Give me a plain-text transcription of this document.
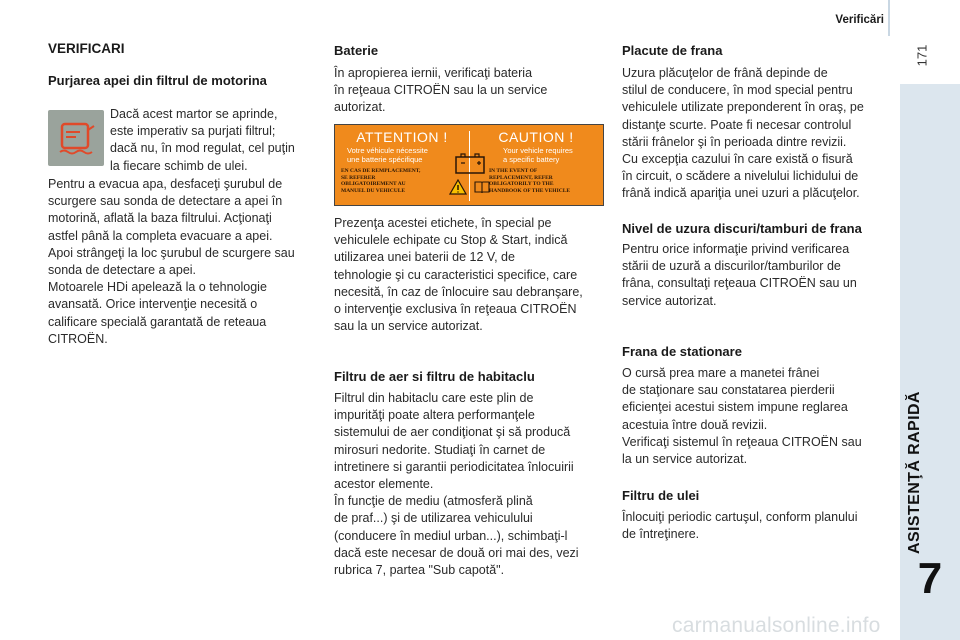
Verificări
171
ASISTENŢĂ RAPIDĂ
7
VERIFICARI
Purjarea apei din filtrul de motorina

Dacă acest martor se aprinde,
este imperativ sa purjati filtrul;
dacă nu, în mod regulat, cel puţin
la fiecare schimb de ulei.

Pentru a evacua apa, desfaceţi şurubul de
scurgere sau sonda de detectare a apei în
motorină, aflată la baza filtrului. Acţionaţi
astfel până la completa evacuare a apei.
Apoi strângeţi la loc şurubul de scurgere sau
sonda de detectare a apei.
Motoarele HDi apelează la o tehnologie
avansată. Orice intervenţie necesită o
calificare specială garantată de reteaua
CITROËN.

Baterie

În apropierea iernii, verificaţi bateria
în reţeaua CITROËN sau la un service
autorizat.

ATTENTION !
Votre véhicule nécessite
une batterie spécifique
EN CAS DE REMPLACEMENT,
SE REFERER
OBLIGATOIREMENT AU
MANUEL DU VEHICULE
CAUTION !
Your vehicle requires
a specific battery
IN THE EVENT OF
REPLACEMENT, REFER
OBLIGATORILY TO THE
HANDBOOK OF THE VEHICLE

Prezenţa acestei etichete, în special pe
vehiculele echipate cu Stop & Start, indică
utilizarea unei baterii de 12 V, de
tehnologie şi cu caracteristici specifice, care
necesită, în caz de înlocuire sau debranşare,
o intervenţie exclusiva în reţeaua CITROËN
sau la un service autorizat.

Filtru de aer si filtru de habitaclu

Filtrul din habitaclu care este plin de
impurităţi poate altera performanţele
sistemului de aer condiţionat şi să producă
mirosuri nedorite. Studiaţi în carnet de
intretinere si garantii periodicitatea înlocuirii
acestor elemente.
În funcţie de mediu (atmosferă plină
de praf...) şi de utilizarea vehiculului
(conducere în mediul urban...), schimbaţi-l
dacă este necesar de două ori mai des, vezi
rubrica 7, partea "Sub capotă".

Placute de frana

Uzura plăcuţelor de frână depinde de
stilul de conducere, în mod special pentru
vehiculele utilizate preponderent în oraş, pe
distanţe scurte. Poate fi necesar controlul
stării frânelor şi în perioada dintre revizii.
Cu excepţia cazului în care există o fisură
în circuit, o scădere a nivelului lichidului de
frână indică apariţia unei uzuri a plăcuţelor.

Nivel de uzura discuri/tamburi de frana

Pentru orice informaţie privind verificarea
stării de uzură a discurilor/tamburilor de
frâna, consultaţi reţeaua CITROËN sau un
service autorizat.

Frana de stationare

O cursă prea mare a manetei frânei
de staţionare sau constatarea pierderii
eficienţei acestui sistem impune reglarea
acestuia între două revizii.
Verificaţi sistemul în reţeaua CITROËN sau
la un service autorizat.

Filtru de ulei

Înlocuiţi periodic cartuşul, conform planului
de întreţinere.

carmanualsonline.info
